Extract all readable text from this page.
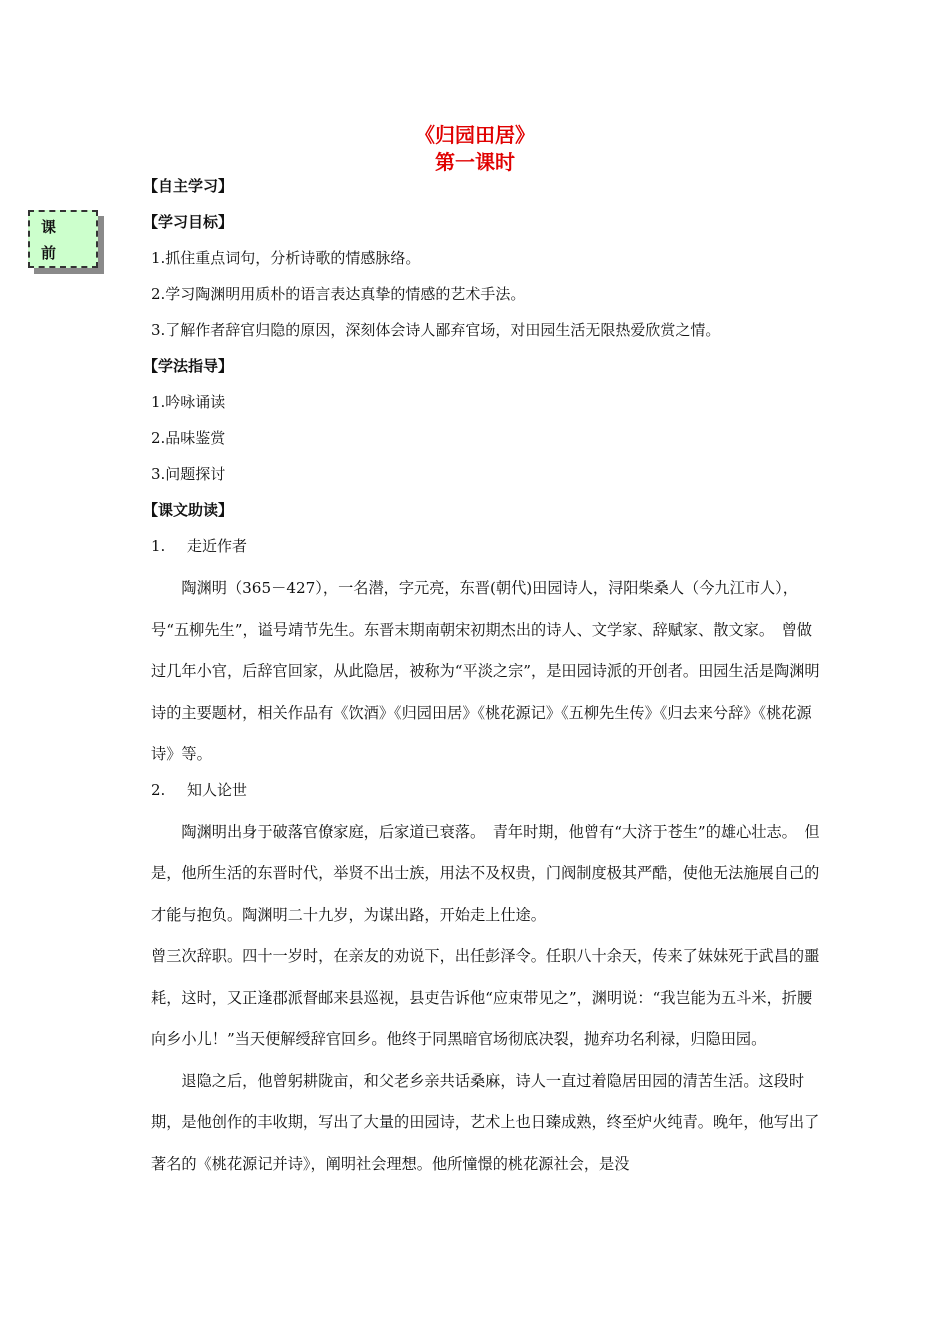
《归园田居》
第一课时
课
前
【自主学习】
【学习目标】
1.抓住重点词句，分析诗歌的情感脉络。
2.学习陶渊明用质朴的语言表达真挚的情感的艺术手法。
3.了解作者辞官归隐的原因，深刻体会诗人鄙弃官场，对田园生活无限热爱欣赏之情。
【学法指导】
1.吟咏诵读
2.品味鉴赏
3.问题探讨
【课文助读】
1. 走近作者

陶渊明（365－427），一名潜，字元亮，东晋(朝代)田园诗人，浔阳柴桑人（今九江市人），号“五柳先生”，谥号靖节先生。东晋末期南朝宋初期杰出的诗人、文学家、辞赋家、散文家。　曾做过几年小官，后辞官回家，从此隐居，被称为“平淡之宗”，是田园诗派的开创者。田园生活是陶渊明诗的主要题材，相关作品有《饮酒》《归园田居》《桃花源记》《五柳先生传》《归去来兮辞》《桃花源诗》等。

2. 知人论世

陶渊明出身于破落官僚家庭，后家道已衰落。　青年时期，他曾有“大济于苍生”的雄心壮志。　但是，他所生活的东晋时代，举贤不出士族，用法不及权贵，门阀制度极其严酷，使他无法施展自己的才能与抱负。陶渊明二十九岁，为谋出路，开始走上仕途。

曾三次辞职。四十一岁时，在亲友的劝说下，出任彭泽令。任职八十余天，传来了妹妹死于武昌的噩耗，这时，又正逢郡派督邮来县巡视，县吏告诉他“应束带见之”，渊明说：“我岂能为五斗米，折腰向乡小儿！”当天便解绶辞官回乡。他终于同黑暗官场彻底决裂，抛弃功名利禄，归隐田园。

退隐之后，他曾躬耕陇亩，和父老乡亲共话桑麻，诗人一直过着隐居田园的清苦生活。这段时期，是他创作的丰收期，写出了大量的田园诗，艺术上也日臻成熟，终至炉火纯青。晚年，他写出了著名的《桃花源记并诗》，阐明社会理想。他所憧憬的桃花源社会，是没
